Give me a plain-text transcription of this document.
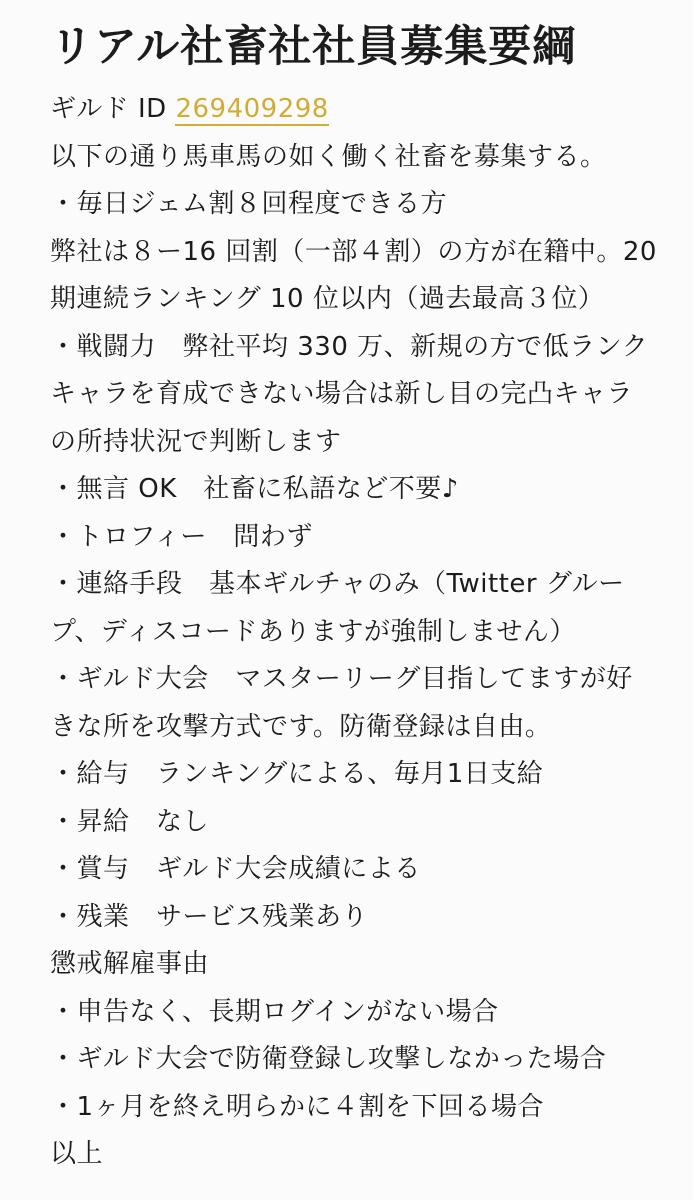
リアル社畜社社員募集要綱
ギルド ID 269409298
以下の通り馬車馬の如く働く社畜を募集する。
・毎日ジェム割８回程度できる方
弊社は８ー16 回割（一部４割）の方が在籍中。20
期連続ランキング 10 位以内（過去最高３位）
・戦闘力　弊社平均 330 万、新規の方で低ランク
キャラを育成できない場合は新し目の完凸キャラ
の所持状況で判断します
・無言 OK　社畜に私語など不要♪
・トロフィー　問わず
・連絡手段　基本ギルチャのみ（Twitter グルー
プ、ディスコードありますが強制しません）
・ギルド大会　マスターリーグ目指してますが好
きな所を攻撃方式です。防衛登録は自由。
・給与　ランキングによる、毎月1日支給
・昇給　なし
・賞与　ギルド大会成績による
・残業　サービス残業あり
懲戒解雇事由
・申告なく、長期ログインがない場合
・ギルド大会で防衛登録し攻撃しなかった場合
・1ヶ月を終え明らかに４割を下回る場合
以上
